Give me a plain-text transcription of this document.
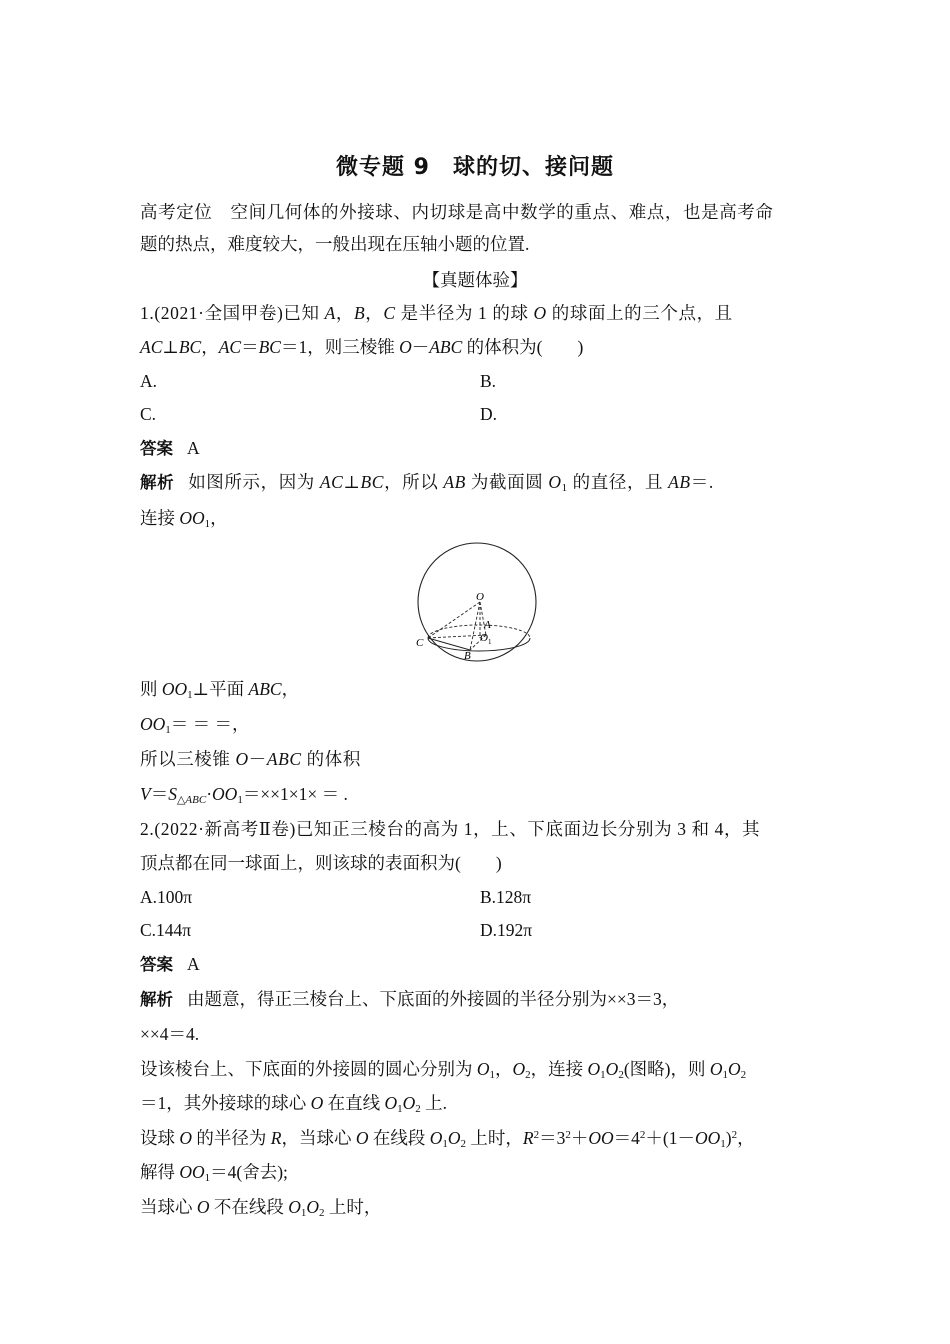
微专题 9　球的切、接问题
高考定位　空间几何体的外接球、内切球是高中数学的重点、难点，也是高考命
题的热点，难度较大，一般出现在压轴小题的位置.
【真题体验】
1.(2021·全国甲卷)已知 A，B，C 是半径为 1 的球 O 的球面上的三个点，且
AC⊥BC，AC＝BC＝1，则三棱锥 O－ABC 的体积为(　　)
A.	B.
C.	D.
答案 A
解析 如图所示，因为 AC⊥BC，所以 AB 为截面圆 $O_1$ 的直径，且 AB＝.
连接 $OO_1$，
O
A
O 1
C
B
则 $OO_1\perp$平面 ABC，
$OO_1=$ ＝ ＝，
所以三棱锥 O－ABC 的体积
$V=S_{\triangle ABC}\cdot OO_1=\times\times 1\times 1\times$ ＝ .
2.(2022·新高考Ⅱ卷)已知正三棱台的高为 1，上、下底面边长分别为 3 和 4，其
顶点都在同一球面上，则该球的表面积为(　　)
A.100π	B.128π
C.144π	D.192π
答案 A
解析 由题意，得正三棱台上、下底面的外接圆的半径分别为××3＝3，
××4＝4.
设该棱台上、下底面的外接圆的圆心分别为 $O_1$，$O_2$，连接 $O_1O_2$(图略)，则 $O_1O_2$
＝1，其外接球的球心 O 在直线 $O_1O_2$ 上.
设球 O 的半径为 R，当球心 O 在线段 $O_1O_2$ 上时，$R^2=3^2+OO=4^2+(1-OO_1)^2$，
解得 $OO_1=4$(舍去);
当球心 O 不在线段 $O_1O_2$ 上时，
